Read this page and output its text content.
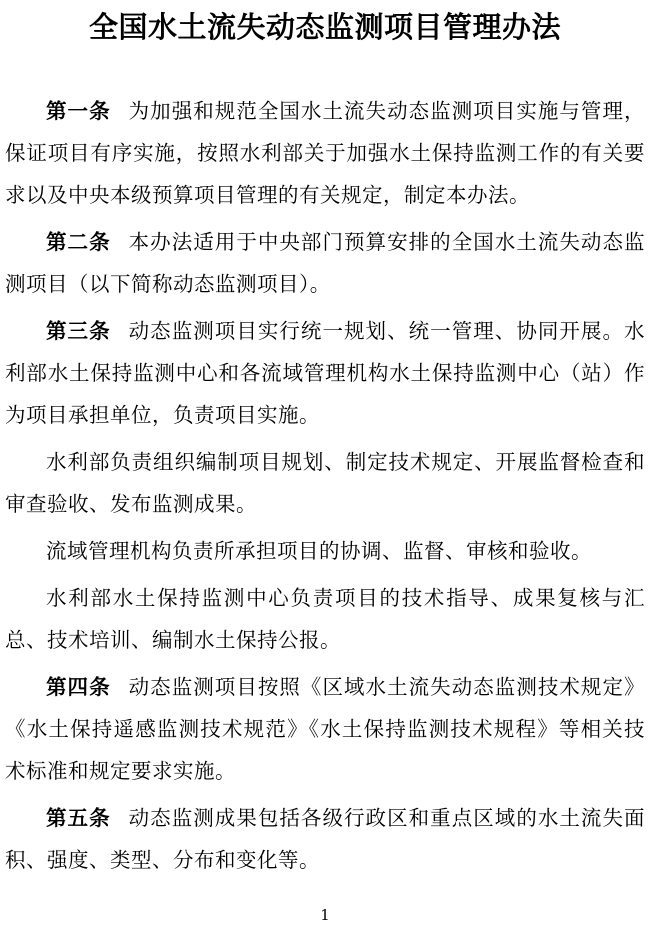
全国水土流失动态监测项目管理办法

第一条 为加强和规范全国水土流失动态监测项目实施与管理，保证项目有序实施，按照水利部关于加强水土保持监测工作的有关要求以及中央本级预算项目管理的有关规定，制定本办法。

第二条 本办法适用于中央部门预算安排的全国水土流失动态监测项目（以下简称动态监测项目）。

第三条 动态监测项目实行统一规划、统一管理、协同开展。水利部水土保持监测中心和各流域管理机构水土保持监测中心（站）作为项目承担单位，负责项目实施。

水利部负责组织编制项目规划、制定技术规定、开展监督检查和审查验收、发布监测成果。

流域管理机构负责所承担项目的协调、监督、审核和验收。

水利部水土保持监测中心负责项目的技术指导、成果复核与汇总、技术培训、编制水土保持公报。

第四条 动态监测项目按照《区域水土流失动态监测技术规定》《水土保持遥感监测技术规范》《水土保持监测技术规程》等相关技术标准和规定要求实施。

第五条 动态监测成果包括各级行政区和重点区域的水土流失面积、强度、类型、分布和变化等。

1
